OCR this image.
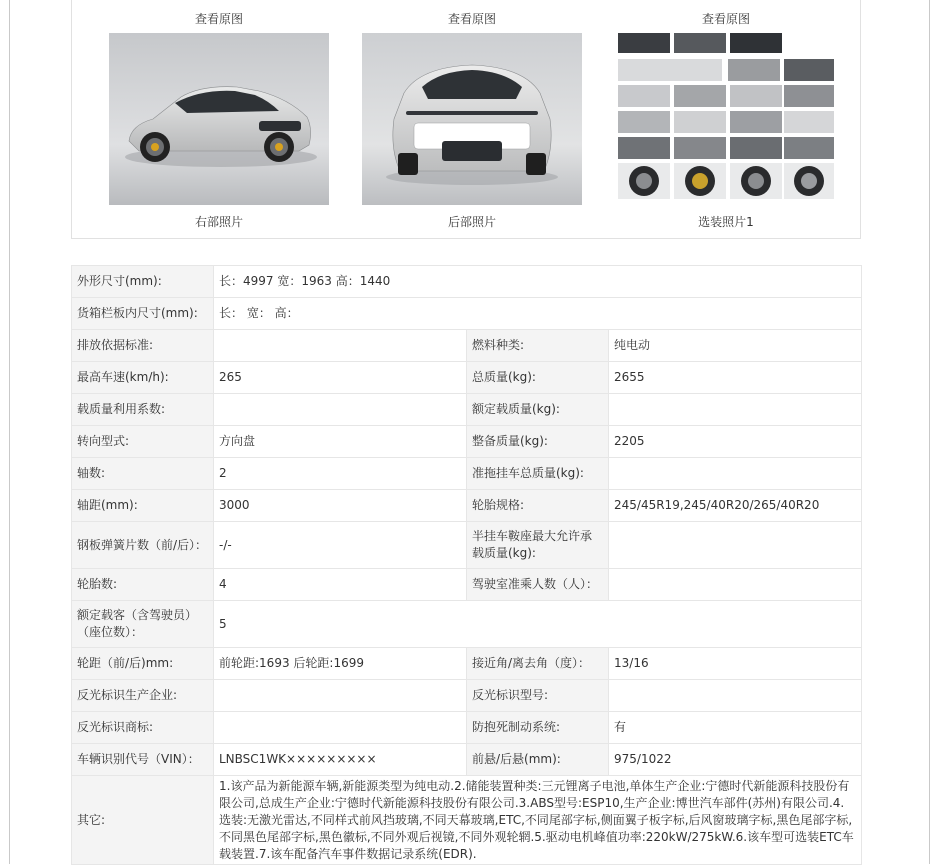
查看原图
右部照片
查看原图
后部照片
查看原图
选装照片1
外形尺寸(mm):	长：4997 宽：1963 高：1440		
货箱栏板内尺寸(mm):	长： 宽： 高：		
排放依据标准:		燃料种类:	纯电动
最高车速(km/h):	265	总质量(kg):	2655
载质量利用系数:		额定载质量(kg):	
转向型式:	方向盘	整备质量(kg):	2205
轴数:	2	准拖挂车总质量(kg):	
轴距(mm):	3000	轮胎规格:	245/45R19,245/40R20/265/40R20
钢板弹簧片数（前/后）：	-/-	半挂车鞍座最大允许承载质量(kg):	
轮胎数:	4	驾驶室准乘人数（人）：	
额定载客（含驾驶员）（座位数）：	5		
轮距（前/后)mm:	前轮距:1693 后轮距:1699	接近角/离去角（度）：	13/16
反光标识生产企业:		反光标识型号:	
反光标识商标:		防抱死制动系统:	有
车辆识别代号（VIN）：	LNBSC1WK×××××××××	前悬/后悬(mm):	975/1022
其它:	1.该产品为新能源车辆,新能源类型为纯电动.2.储能装置种类:三元锂离子电池,单体生产企业:宁德时代新能源科技股份有限公司,总成生产企业:宁德时代新能源科技股份有限公司.3.ABS型号:ESP10,生产企业:博世汽车部件(苏州)有限公司.4.选装:无激光雷达,不同样式前风挡玻璃,不同天幕玻璃,ETC,不同尾部字标,侧面翼子板字标,后风窗玻璃字标,黑色尾部字标,不同黑色尾部字标,黑色徽标,不同外观后视镜,不同外观轮辋.5.驱动电机峰值功率:220kW/275kW.6.该车型可选装ETC车载装置.7.该车配备汽车事件数据记录系统(EDR).		
